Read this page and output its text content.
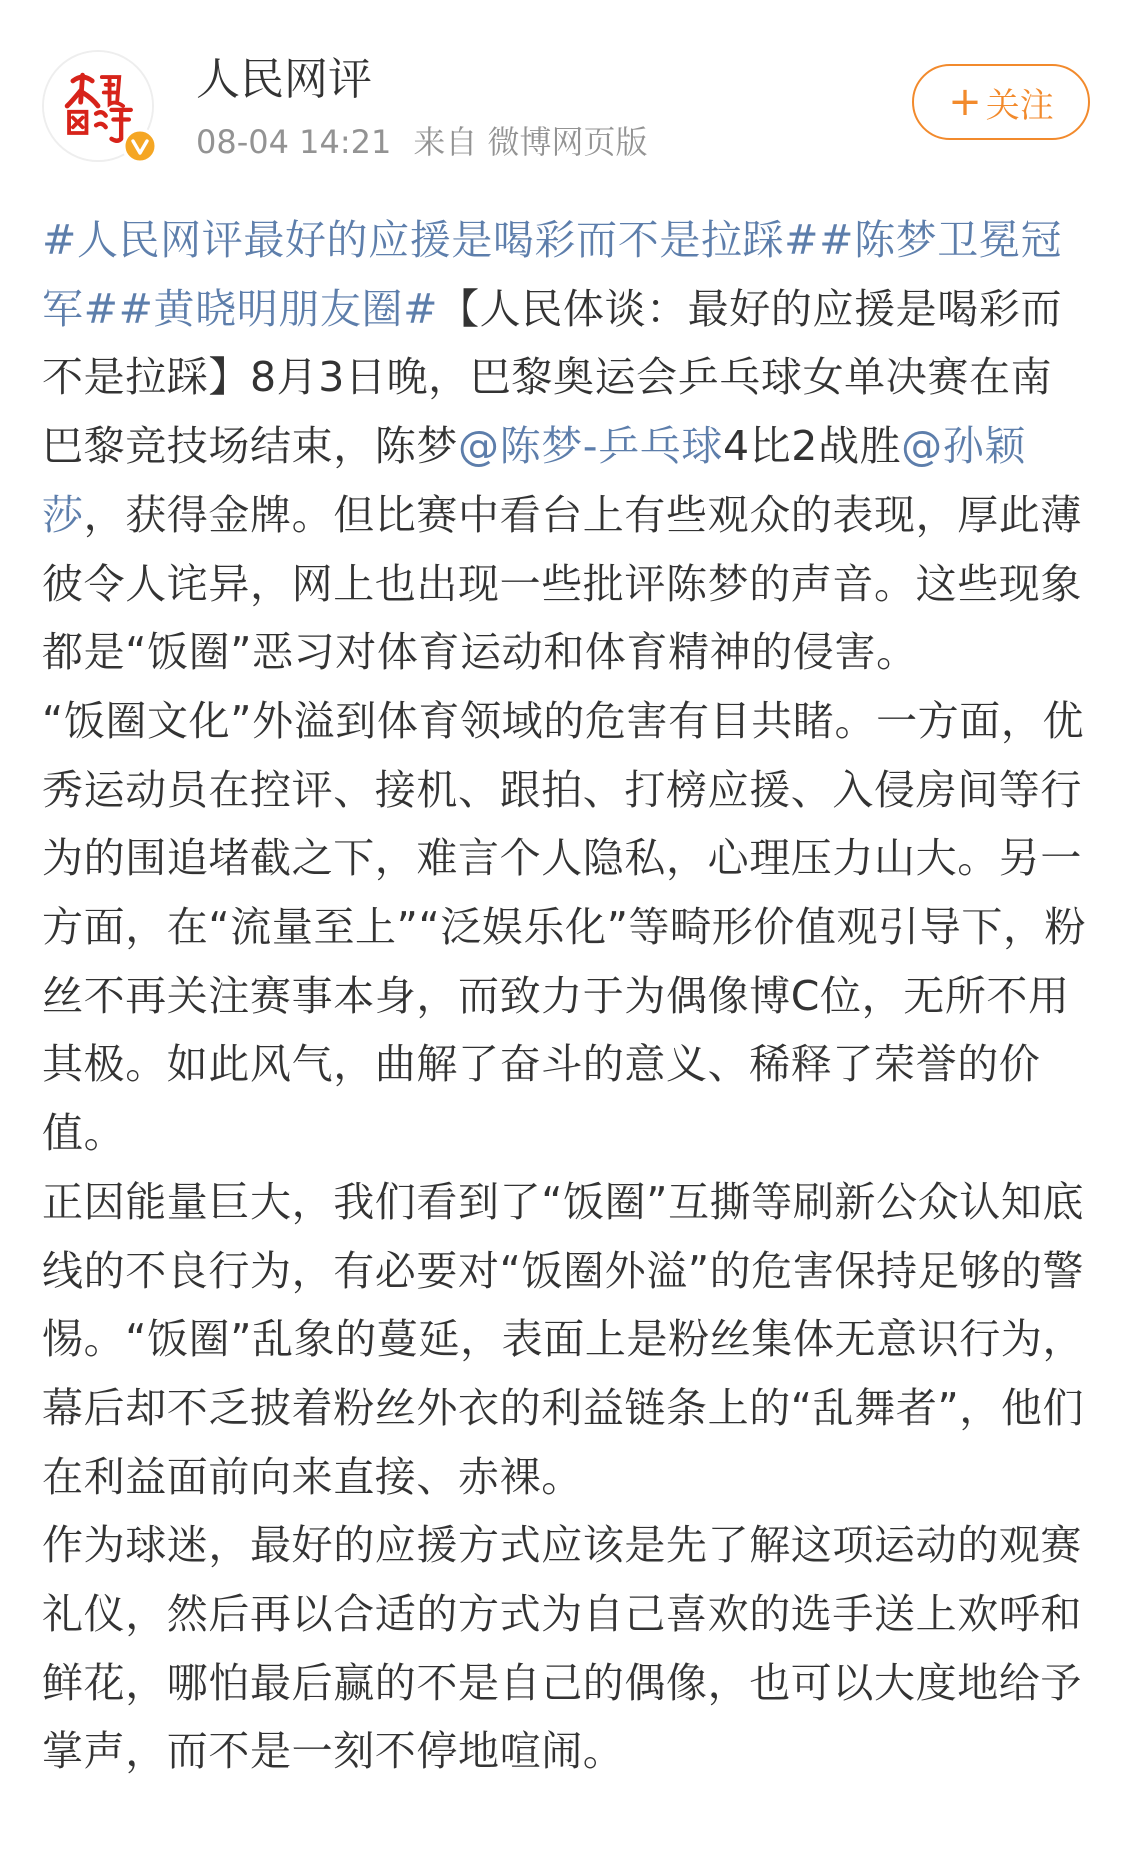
人民网评
08-04 14:21 来自 微博网页版
+ 关注

#人民网评最好的应援是喝彩而不是拉踩##陈梦卫冕冠军##黄晓明朋友圈#【人民体谈：最好的应援是喝彩而不是拉踩】8月3日晚，巴黎奥运会乒乓球女单决赛在南巴黎竞技场结束，陈梦@陈梦-乒乓球4比2战胜@孙颖莎，获得金牌。但比赛中看台上有些观众的表现，厚此薄彼令人诧异，网上也出现一些批评陈梦的声音。这些现象都是“饭圈”恶习对体育运动和体育精神的侵害。

“饭圈文化”外溢到体育领域的危害有目共睹。一方面，优秀运动员在控评、接机、跟拍、打榜应援、入侵房间等行为的围追堵截之下，难言个人隐私，心理压力山大。另一方面，在“流量至上”“泛娱乐化”等畸形价值观引导下，粉丝不再关注赛事本身，而致力于为偶像博C位，无所不用其极。如此风气，曲解了奋斗的意义、稀释了荣誉的价值。

正因能量巨大，我们看到了“饭圈”互撕等刷新公众认知底线的不良行为，有必要对“饭圈外溢”的危害保持足够的警惕。“饭圈”乱象的蔓延，表面上是粉丝集体无意识行为，幕后却不乏披着粉丝外衣的利益链条上的“乱舞者”，他们在利益面前向来直接、赤裸。

作为球迷，最好的应援方式应该是先了解这项运动的观赛礼仪，然后再以合适的方式为自己喜欢的选手送上欢呼和鲜花，哪怕最后赢的不是自己的偶像，也可以大度地给予掌声，而不是一刻不停地喧闹。
